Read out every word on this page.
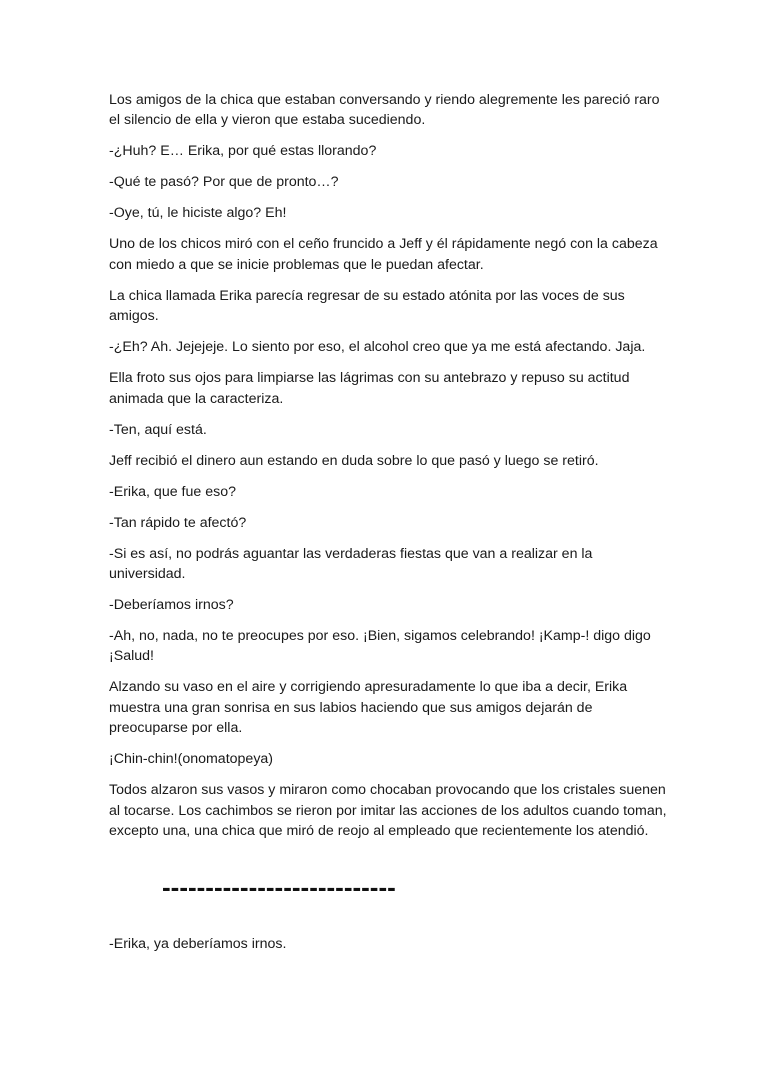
Los amigos de la chica que estaban conversando y riendo alegremente les pareció raro el silencio de ella y vieron que estaba sucediendo.

-¿Huh? E… Erika, por qué estas llorando?

-Qué te pasó? Por que de pronto…?

-Oye, tú, le hiciste algo? Eh!

Uno de los chicos miró con el ceño fruncido a Jeff y él rápidamente negó con la cabeza con miedo a que se inicie problemas que le puedan afectar.

La chica llamada Erika parecía regresar de su estado atónita por las voces de sus amigos.

-¿Eh? Ah. Jejejeje. Lo siento por eso, el alcohol creo que ya me está afectando. Jaja.

Ella froto sus ojos para limpiarse las lágrimas con su antebrazo y repuso su actitud animada que la caracteriza.

-Ten, aquí está.

Jeff recibió el dinero aun estando en duda sobre lo que pasó y luego se retiró.

-Erika, que fue eso?

-Tan rápido te afectó?

-Si es así, no podrás aguantar las verdaderas fiestas que van a realizar en la universidad.

-Deberíamos irnos?

-Ah, no, nada, no te preocupes por eso. ¡Bien, sigamos celebrando! ¡Kamp-! digo digo ¡Salud!

Alzando su vaso en el aire y corrigiendo apresuradamente lo que iba a decir, Erika muestra una gran sonrisa en sus labios haciendo que sus amigos dejarán de preocuparse por ella.

¡Chin-chin!(onomatopeya)

Todos alzaron sus vasos y miraron como chocaban provocando que los cristales suenen al tocarse. Los cachimbos se rieron por imitar las acciones de los adultos cuando toman, excepto una, una chica que miró de reojo al empleado que recientemente los atendió.

---------------------------

-Erika, ya deberíamos irnos.
